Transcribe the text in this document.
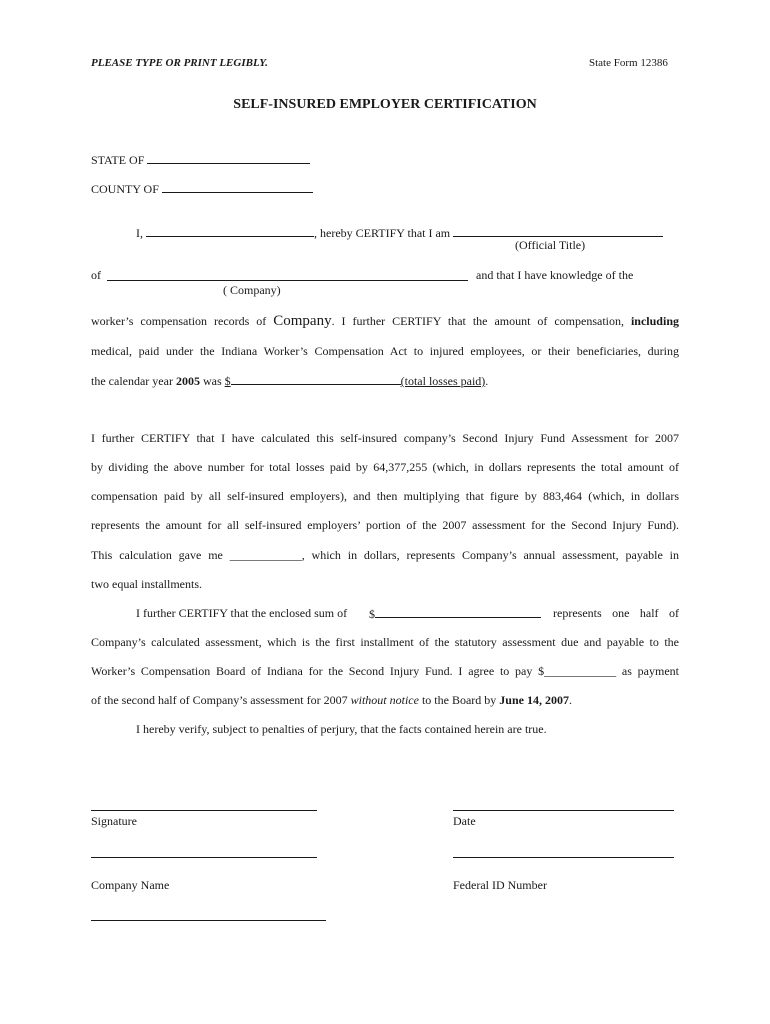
PLEASE TYPE OR PRINT LEGIBLY.	State Form 12386
SELF-INSURED EMPLOYER CERTIFICATION
STATE OF
COUNTY OF
I,	, hereby CERTIFY that I am
(Official Title)
of	and that I have knowledge of the
( Company)
worker’s compensation records of Company. I further CERTIFY that the amount of compensation, including
medical, paid under the Indiana Worker’s Compensation Act to injured employees, or their beneficiaries, during
the calendar year 2005 was $	(total losses paid).
I further CERTIFY that I have calculated this self-insured company’s Second Injury Fund Assessment for 2007
by dividing the above number for total losses paid by 64,377,255 (which, in dollars represents the total amount of
compensation paid by all self-insured employers), and then multiplying that figure by 883,464 (which, in dollars
represents the amount for all self-insured employers’ portion of the 2007 assessment for the Second Injury Fund).
This calculation gave me ____________, which in dollars, represents Company’s annual assessment, payable in
two equal installments.
I further CERTIFY that the enclosed sum of $	represents one half of
Company’s calculated assessment, which is the first installment of the statutory assessment due and payable to the
Worker’s Compensation Board of Indiana for the Second Injury Fund. I agree to pay $____________ as payment
of the second half of Company’s assessment for 2007 without notice to the Board by June 14, 2007.
I hereby verify, subject to penalties of perjury, that the facts contained herein are true.
Signature	Date
Company Name	Federal ID Number
